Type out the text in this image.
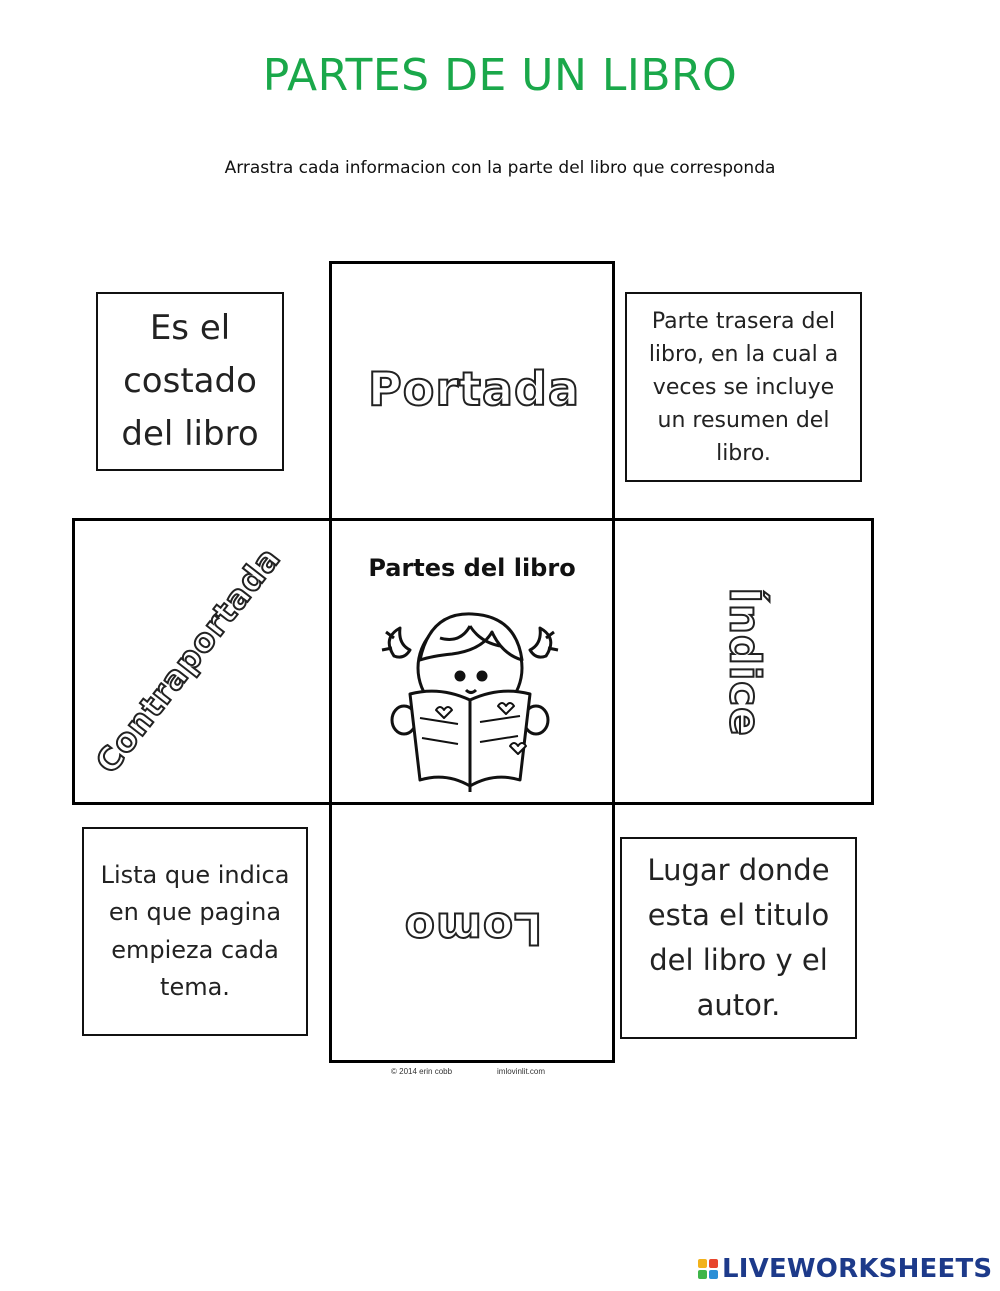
PARTES DE UN LIBRO
Arrastra cada informacion con la parte del libro que corresponda
Portada
Contraportada	Índice
Lomo
Partes del libro
Es el costado del libro
Parte trasera del libro, en la cual a veces se incluye un resumen del libro.
Lista que indica en que pagina empieza cada tema.
Lugar donde esta el titulo del libro y el autor.
© 2014 erin cobb	imlovinlit.com
LIVEWORKSHEETS
